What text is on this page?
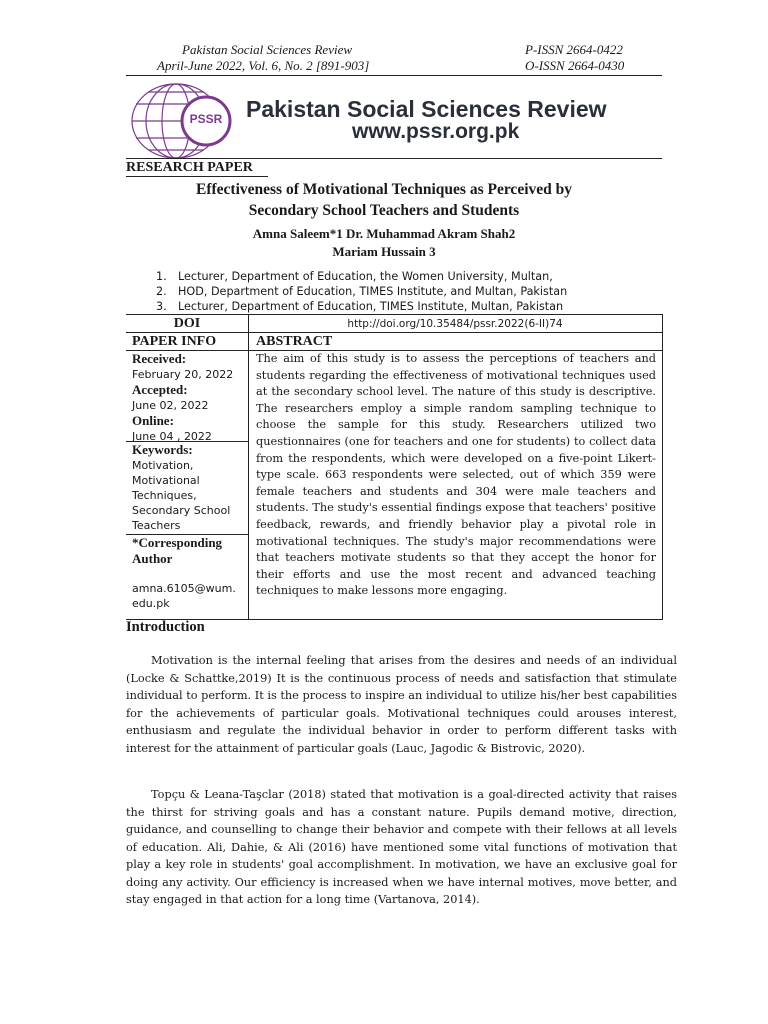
Pakistan Social Sciences Review
April-June 2022, Vol. 6, No. 2 [891-903]
P-ISSN 2664-0422
O-ISSN 2664-0430
PSSR Pakistan Social Sciences Review
www.pssr.org.pk
RESEARCH PAPER
Effectiveness of Motivational Techniques as Perceived by
Secondary School Teachers and Students
Amna Saleem*1 Dr. Muhammad Akram Shah2
Mariam Hussain 3
1. Lecturer, Department of Education, the Women University, Multan,
2. HOD, Department of Education, TIMES Institute, and Multan, Pakistan
3. Lecturer, Department of Education, TIMES Institute, Multan, Pakistan
DOI	http://doi.org/10.35484/pssr.2022(6-II)74
PAPER INFO	ABSTRACT
Received:
February 20, 2022
Accepted:
June 02, 2022
Online:
June 04 , 2022
Keywords:
Motivation,
Motivational
Techniques,
Secondary School
Teachers
*Corresponding
Author
amna.6105@wum.
edu.pk
The aim of this study is to assess the perceptions of teachers and students regarding the effectiveness of motivational techniques used at the secondary school level. The nature of this study is descriptive. The researchers employ a simple random sampling technique to choose the sample for this study. Researchers utilized two questionnaires (one for teachers and one for students) to collect data from the respondents, which were developed on a five-point Likert-type scale. 663 respondents were selected, out of which 359 were female teachers and students and 304 were male teachers and students. The study's essential findings expose that teachers' positive feedback, rewards, and friendly behavior play a pivotal role in motivational techniques. The study's major recommendations were that teachers motivate students so that they accept the honor for their efforts and use the most recent and advanced teaching techniques to make lessons more engaging.
Introduction
Motivation is the internal feeling that arises from the desires and needs of an individual (Locke & Schattke,2019) It is the continuous process of needs and satisfaction that stimulate individual to perform. It is the process to inspire an individual to utilize his/her best capabilities for the achievements of particular goals. Motivational techniques could arouses interest, enthusiasm and regulate the individual behavior in order to perform different tasks with interest for the attainment of particular goals (Lauc, Jagodic & Bistrovic, 2020).
Topçu & Leana-Taşclar (2018) stated that motivation is a goal-directed activity that raises the thirst for striving goals and has a constant nature. Pupils demand motive, direction, guidance, and counselling to change their behavior and compete with their fellows at all levels of education. Ali, Dahie, & Ali (2016) have mentioned some vital functions of motivation that play a key role in students' goal accomplishment. In motivation, we have an exclusive goal for doing any activity. Our efficiency is increased when we have internal motives, move better, and stay engaged in that action for a long time (Vartanova, 2014).
